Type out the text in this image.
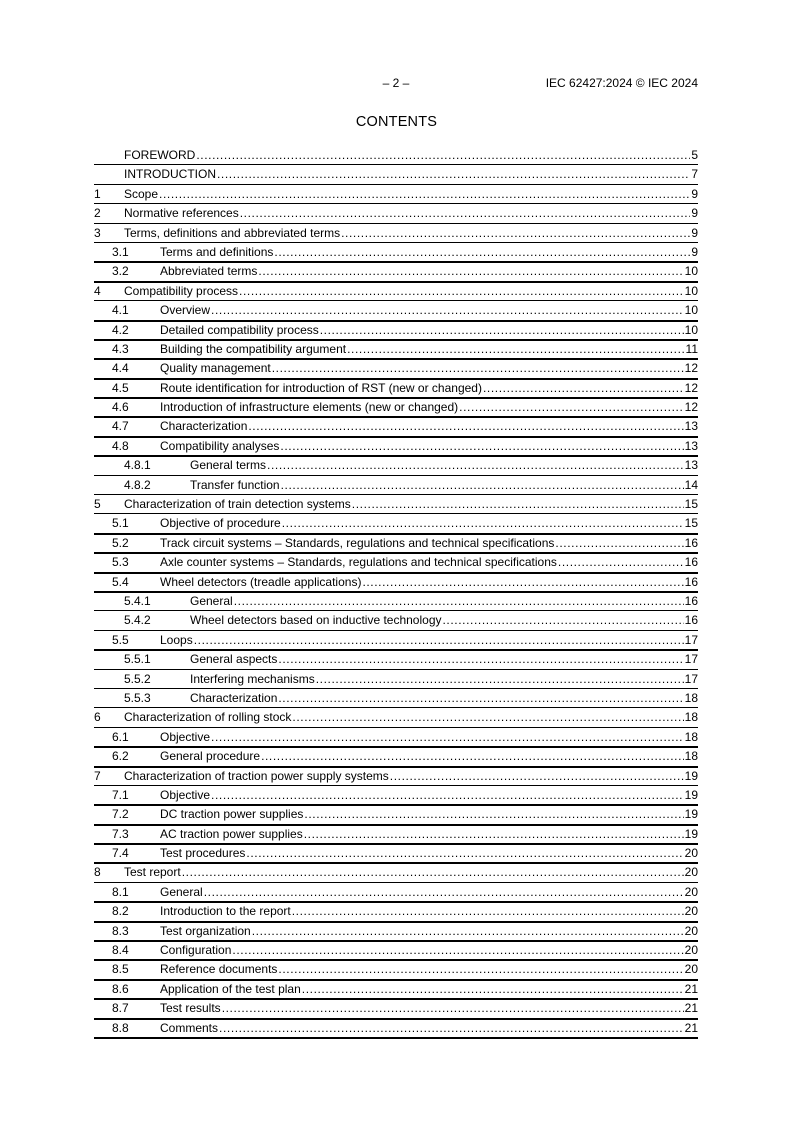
– 2 –	IEC 62427:2024 © IEC 2024
CONTENTS
FOREWORD .....	5
INTRODUCTION .....	7
1	Scope .....	9
2	Normative references .....	9
3	Terms, definitions and abbreviated terms .....	9
3.1	Terms and definitions .....	9
3.2	Abbreviated terms .....	10
4	Compatibility process .....	10
4.1	Overview .....	10
4.2	Detailed compatibility process .....	10
4.3	Building the compatibility argument .....	11
4.4	Quality management .....	12
4.5	Route identification for introduction of RST (new or changed) .....	12
4.6	Introduction of infrastructure elements (new or changed) .....	12
4.7	Characterization .....	13
4.8	Compatibility analyses .....	13
4.8.1	General terms .....	13
4.8.2	Transfer function .....	14
5	Characterization of train detection systems .....	15
5.1	Objective of procedure .....	15
5.2	Track circuit systems – Standards, regulations and technical specifications .....	16
5.3	Axle counter systems – Standards, regulations and technical specifications .....	16
5.4	Wheel detectors (treadle applications) .....	16
5.4.1	General .....	16
5.4.2	Wheel detectors based on inductive technology .....	16
5.5	Loops .....	17
5.5.1	General aspects .....	17
5.5.2	Interfering mechanisms .....	17
5.5.3	Characterization .....	18
6	Characterization of rolling stock .....	18
6.1	Objective .....	18
6.2	General procedure .....	18
7	Characterization of traction power supply systems .....	19
7.1	Objective .....	19
7.2	DC traction power supplies .....	19
7.3	AC traction power supplies .....	19
7.4	Test procedures .....	20
8	Test report .....	20
8.1	General .....	20
8.2	Introduction to the report .....	20
8.3	Test organization .....	20
8.4	Configuration .....	20
8.5	Reference documents .....	20
8.6	Application of the test plan .....	21
8.7	Test results .....	21
8.8	Comments .....	21
